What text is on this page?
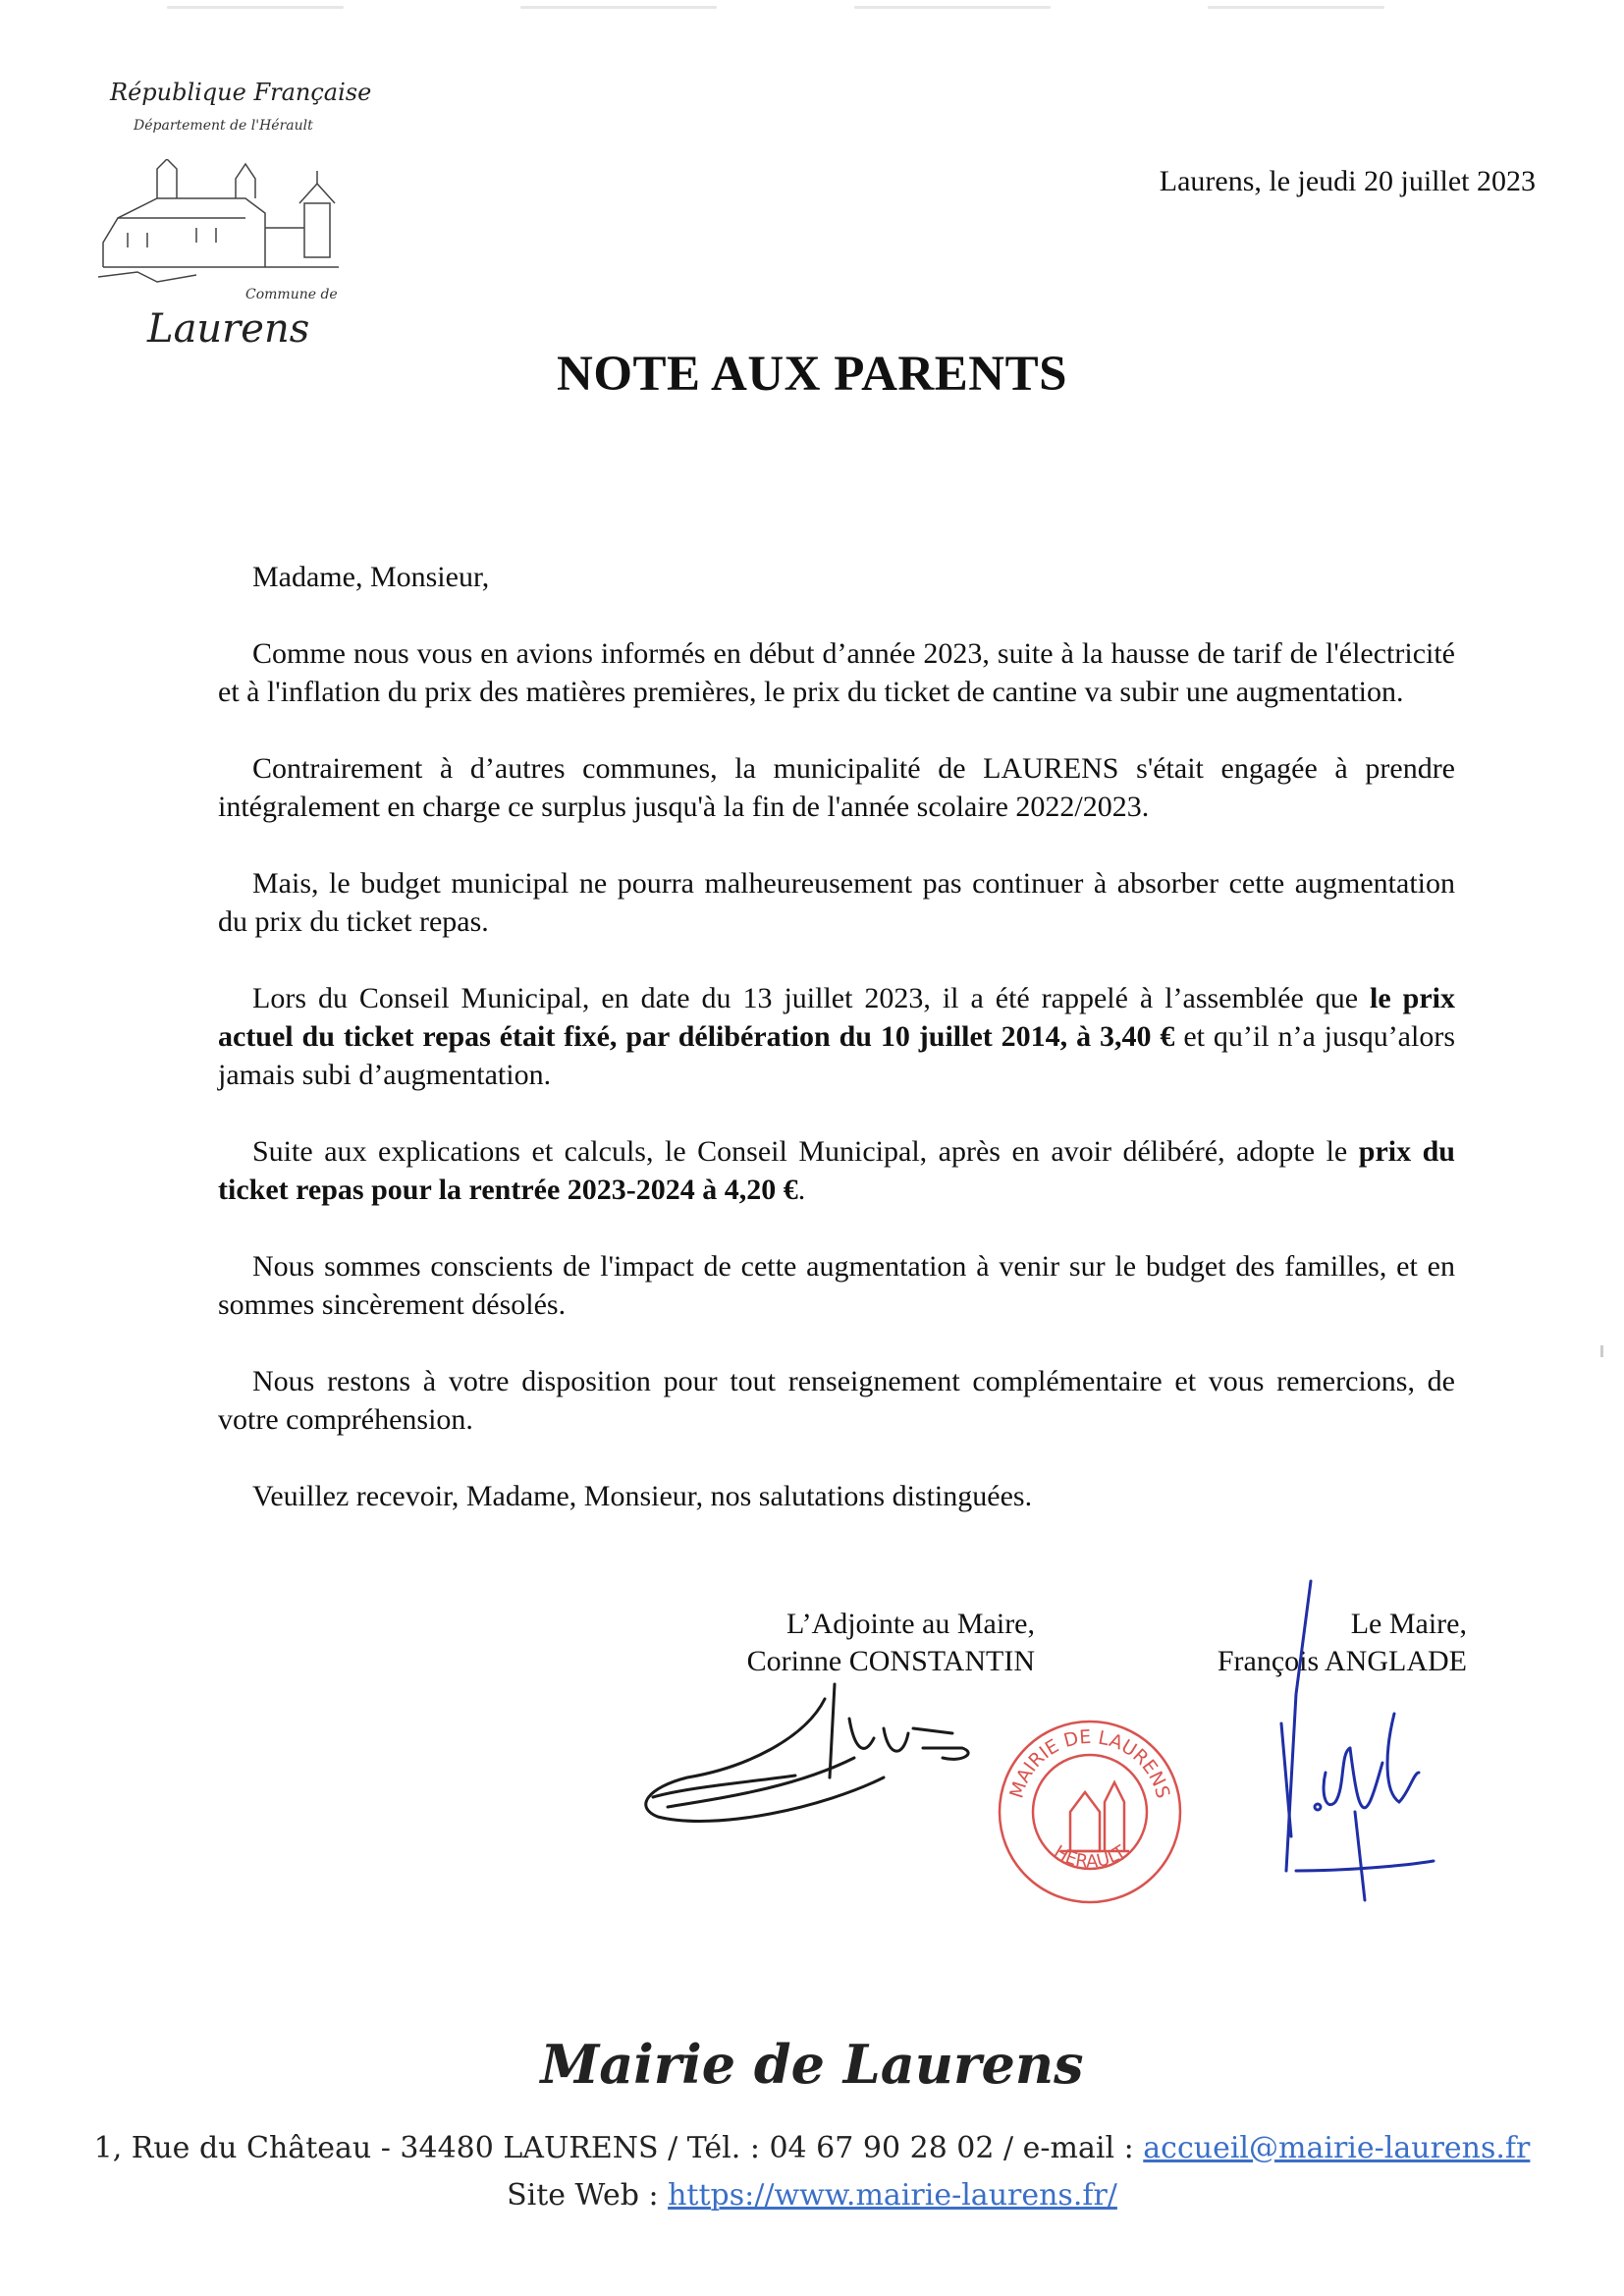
République Française
Département de l'Hérault
Commune de
Laurens
Laurens, le jeudi 20 juillet 2023
NOTE AUX PARENTS

Madame, Monsieur,

Comme nous vous en avions informés en début d’année 2023, suite à la hausse de tarif de l'électricité et à l'inflation du prix des matières premières, le prix du ticket de cantine va subir une augmentation.

Contrairement à d’autres communes, la municipalité de LAURENS s'était engagée à prendre intégralement en charge ce surplus jusqu'à la fin de l'année scolaire 2022/2023.

Mais, le budget municipal ne pourra malheureusement pas continuer à absorber cette augmentation du prix du ticket repas.

Lors du Conseil Municipal, en date du 13 juillet 2023, il a été rappelé à l’assemblée que le prix actuel du ticket repas était fixé, par délibération du 10 juillet 2014, à 3,40 € et qu’il n’a jusqu’alors jamais subi d’augmentation.

Suite aux explications et calculs, le Conseil Municipal, après en avoir délibéré, adopte le prix du ticket repas pour la rentrée 2023-2024 à 4,20 €.

Nous sommes conscients de l'impact de cette augmentation à venir sur le budget des familles, et en sommes sincèrement désolés.

Nous restons à votre disposition pour tout renseignement complémentaire et vous remercions, de votre compréhension.

Veuillez recevoir, Madame, Monsieur, nos salutations distinguées.

L’Adjointe au Maire,
Corinne CONSTANTIN
Le Maire,
François ANGLADE
MAIRIE DE LAURENS
HERAULT
Mairie de Laurens
1, Rue du Château - 34480 LAURENS / Tél. : 04 67 90 28 02 / e-mail : accueil@mairie-laurens.fr
Site Web : https://www.mairie-laurens.fr/
